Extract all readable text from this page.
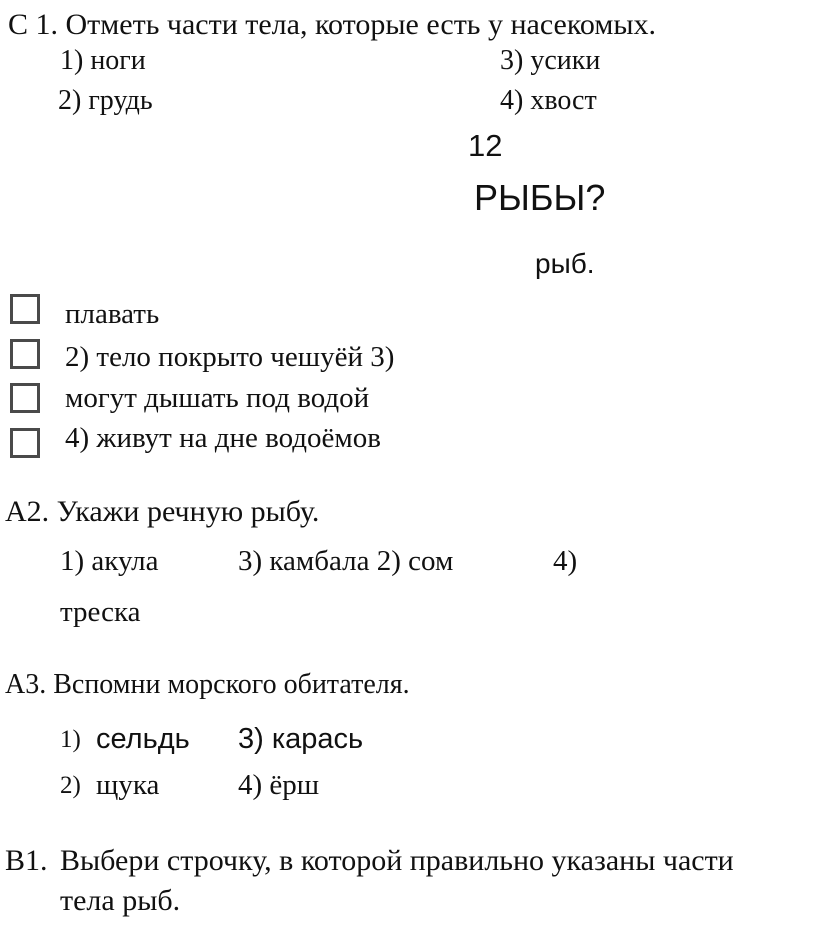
С 1. Отметь части тела, которые есть у насекомых.
1) ноги	3) усики
2) грудь	4) хвост
12
РЫБЫ?
рыб.
плавать
2) тело покрыто чешуёй 3)
могут дышать под водой
4) живут на дне водоёмов
А2. Укажи речную рыбу.
1) акула	3) камбала 2) сом	4)
треска
А3. Вспомни морского обитателя.
1) сельдь 3) карась
2) щука	4) ёрш
В1. Выбери строчку, в которой правильно указаны части
тела рыб.
